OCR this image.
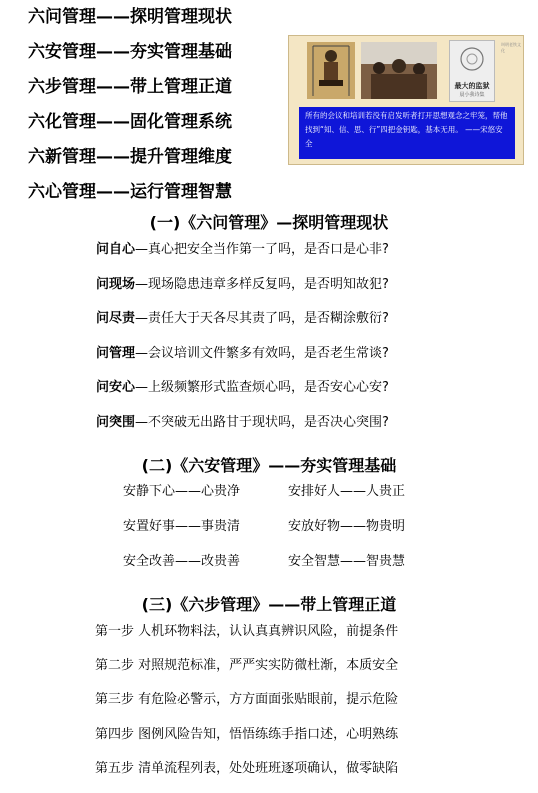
六问管理——探明管理现状
六安管理——夯实管理基础
六步管理——带上管理正道
六化管理——固化管理系统
六新管理——提升管理维度
六心管理——运行管理智慧
最大的监狱
晨小我诗集
叫明老铁文化
所有的会议和培训若没有启发听者打开思想观念之牢笼，帮他找到“知、信、思、行”四把金钥匙，基本无用。 ——宋悠安全
(一)《六问管理》—探明管理现状
问自心—真心把安全当作第一了吗，是否口是心非?
问现场—现场隐患违章多样反复吗，是否明知故犯?
问尽责—责任大于天各尽其责了吗，是否糊涂敷衍?
问管理—会议培训文件繁多有效吗，是否老生常谈?
问安心—上级频繁形式监查烦心吗，是否安心心安?
问突围—不突破无出路甘于现状吗，是否决心突围?
(二)《六安管理》——夯实管理基础
安静下心——心贵净	安排好人——人贵正
安置好事——事贵清	安放好物——物贵明
安全改善——改贵善	安全智慧——智贵慧
(三)《六步管理》——带上管理正道
第一步 人机环物料法，认认真真辨识风险，前提条件
第二步 对照规范标准，严严实实防微杜渐，本质安全
第三步 有危险必警示，方方面面张贴眼前，提示危险
第四步 图例风险告知，悟悟练练手指口述，心明熟练
第五步 清单流程列表，处处班班逐项确认，做零缺陷
